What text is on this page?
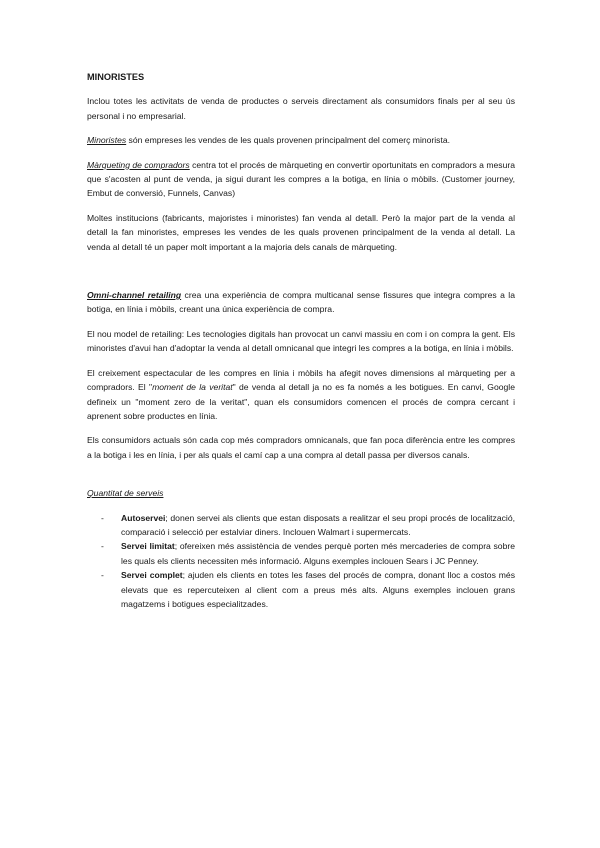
MINORISTES

Inclou totes les activitats de venda de productes o serveis directament als consumidors finals per al seu ús personal i no empresarial.

Minoristes són empreses les vendes de les quals provenen principalment del comerç minorista.

Màrqueting de compradors centra tot el procés de màrqueting en convertir oportunitats en compradors a mesura que s'acosten al punt de venda, ja sigui durant les compres a la botiga, en línia o mòbils. (Customer journey, Embut de conversió, Funnels, Canvas)

Moltes institucions (fabricants, majoristes i minoristes) fan venda al detall. Però la major part de la venda al detall la fan minoristes, empreses les vendes de les quals provenen principalment de la venda al detall. La venda al detall té un paper molt important a la majoria dels canals de màrqueting.

Omni-channel retailing crea una experiència de compra multicanal sense fissures que integra compres a la botiga, en línia i mòbils, creant una única experiència de compra.

El nou model de retailing: Les tecnologies digitals han provocat un canvi massiu en com i on compra la gent. Els minoristes d'avui han d'adoptar la venda al detall omnicanal que integri les compres a la botiga, en línia i mòbils.

El creixement espectacular de les compres en línia i mòbils ha afegit noves dimensions al màrqueting per a compradors. El "moment de la veritat" de venda al detall ja no es fa només a les botigues. En canvi, Google defineix un "moment zero de la veritat", quan els consumidors comencen el procés de compra cercant i aprenent sobre productes en línia.

Els consumidors actuals són cada cop més compradors omnicanals, que fan poca diferència entre les compres a la botiga i les en línia, i per als quals el camí cap a una compra al detall passa per diversos canals.

Quantitat de serveis

- Autoservei; donen servei als clients que estan disposats a realitzar el seu propi procés de localització, comparació i selecció per estalviar diners. Inclouen Walmart i supermercats.
- Servei limitat; ofereixen més assistència de vendes perquè porten més mercaderies de compra sobre les quals els clients necessiten més informació. Alguns exemples inclouen Sears i JC Penney.
- Servei complet; ajuden els clients en totes les fases del procés de compra, donant lloc a costos més elevats que es repercuteixen al client com a preus més alts. Alguns exemples inclouen grans magatzems i botigues especialitzades.
